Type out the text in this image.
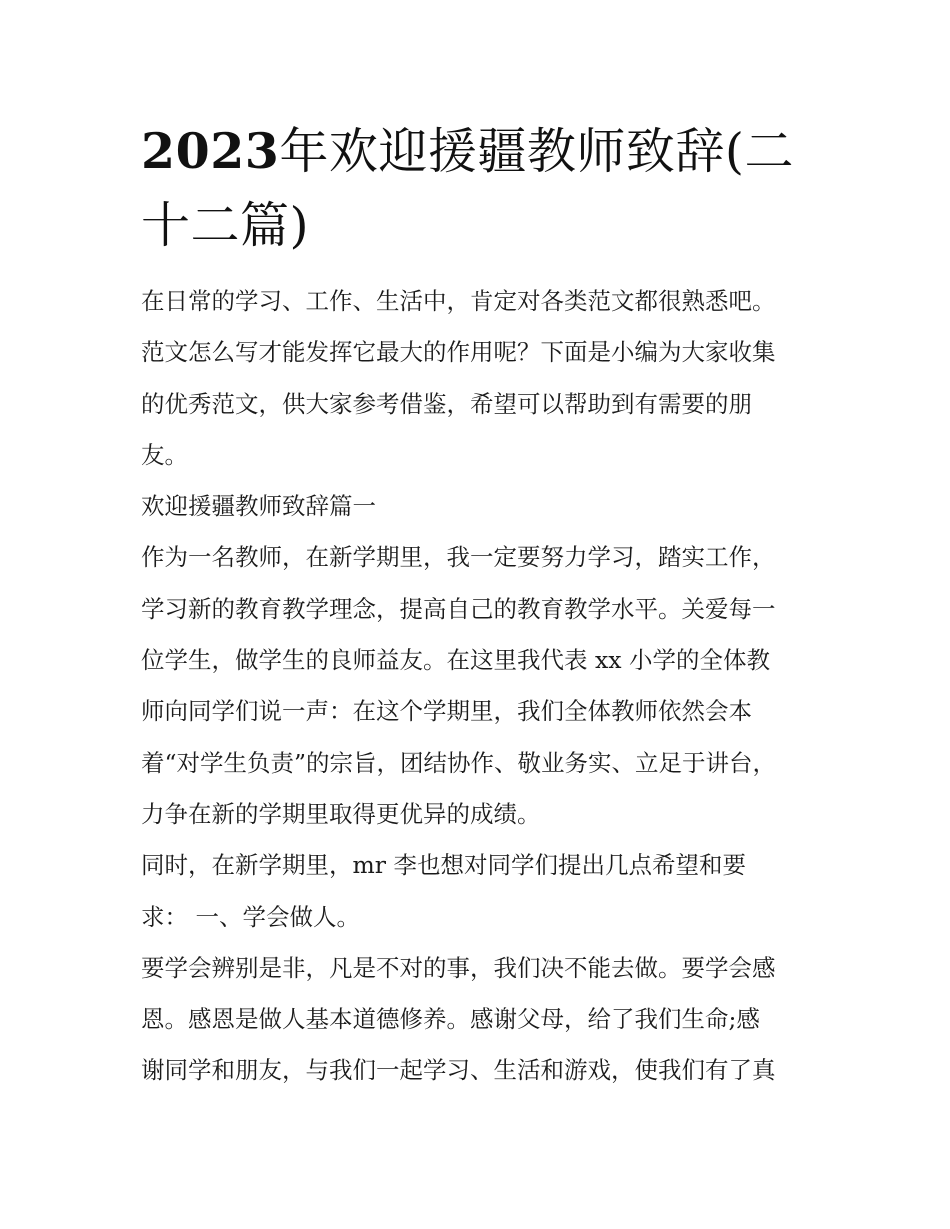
2023年欢迎援疆教师致辞(二
十二篇)
在日常的学习、工作、生活中，肯定对各类范文都很熟悉吧。
范文怎么写才能发挥它最大的作用呢？下面是小编为大家收集
的优秀范文，供大家参考借鉴，希望可以帮助到有需要的朋
友。
欢迎援疆教师致辞篇一
作为一名教师，在新学期里，我一定要努力学习，踏实工作，
学习新的教育教学理念，提高自己的教育教学水平。关爱每一
位学生，做学生的良师益友。在这里我代表 xx 小学的全体教
师向同学们说一声：在这个学期里，我们全体教师依然会本
着“对学生负责”的宗旨，团结协作、敬业务实、立足于讲台，
力争在新的学期里取得更优异的成绩。
同时，在新学期里，mr 李也想对同学们提出几点希望和要
求： 一、学会做人。
要学会辨别是非，凡是不对的事，我们决不能去做。要学会感
恩。感恩是做人基本道德修养。感谢父母，给了我们生命;感
谢同学和朋友，与我们一起学习、生活和游戏，使我们有了真
